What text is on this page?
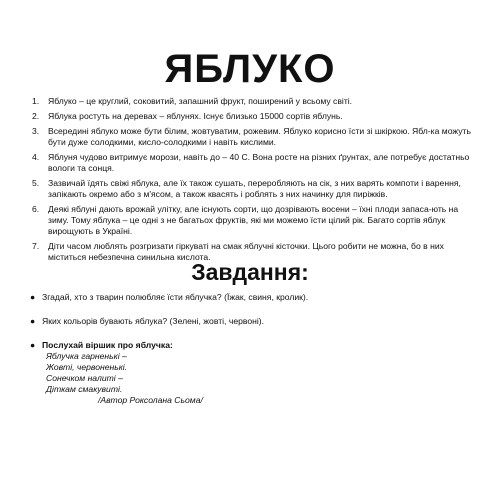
ЯБЛУКО
1. Яблуко – це круглий, соковитий, запашний фрукт, поширений у всьому світі.
2. Яблука ростуть на деревах – яблунях. Існує близько 15000 сортів яблунь.
3. Всередині яблуко може бути білим, жовтуватим, рожевим. Яблуко корисно їсти зі шкіркою. Ябл-ка можуть бути дуже солодкими, кисло-солодкими і навіть кислими.
4. Яблуня чудово витримує морози, навіть до – 40 С. Вона росте на різних ґрунтах, але потребує достатньо вологи та сонця.
5. Зазвичай їдять свіжі яблука, але їх також сушать, переробляють на сік, з них варять компоти і варення, запікають окремо або з м'ясом, а також квасять і роблять з них начинку для пиріжків.
6. Деякі яблуні дають врожай улітку, але існують сорти, що дозрівають восени – їхні плоди запаса-ють на зиму. Тому яблука – це одні з не багатьох фруктів, які ми можемо їсти цілий рік. Багато сортів яблук вирощують в Україні.
7. Діти часом люблять розгризати гіркуваті на смак яблучні кісточки. Цього робити не можна, бо в них міститься небезпечна синильна кислота.
Завдання:
● Згадай, хто з тварин полюбляє їсти яблучка? (Їжак, свиня, кролик).
● Яких кольорів бувають яблука? (Зелені, жовті, червоні).
● Послухай віршик про яблучка:
Яблучка гарненькі –
Жовті, червоненькі.
Сонечком налиті –
Діткам смакувиті.
/Автор Роксолана Сьома/
